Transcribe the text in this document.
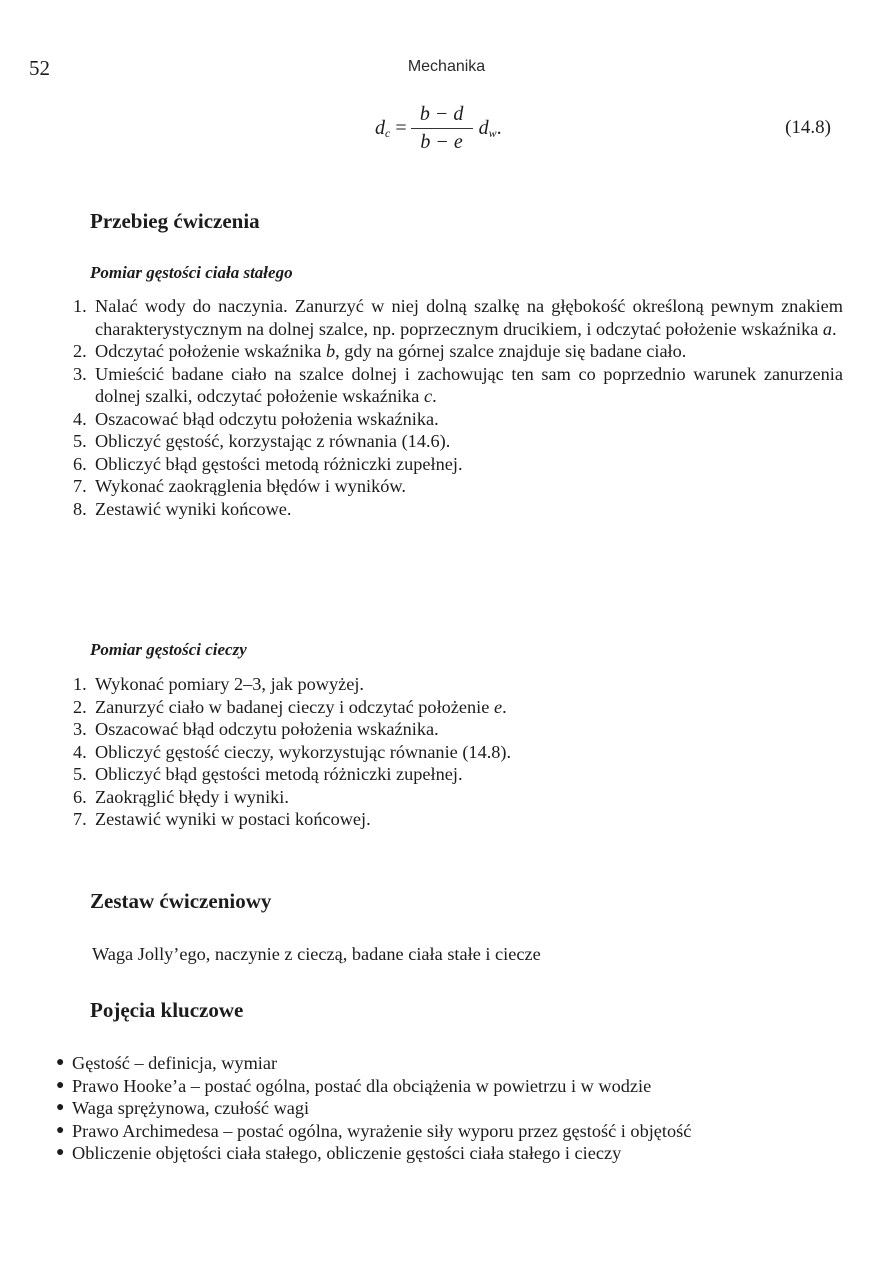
52	Mechanika
d $c = \frac{b - d}{b - e}$ d w .	(14.8)
Przebieg ćwiczenia
Pomiar gęstości ciała stałego
1. Nalać wody do naczynia. Zanurzyć w niej dolną szalkę na głębokość określoną pewnym znakiem charakterystycznym na dolnej szalce, np. poprzecznym drucikiem, i odczytać położenie wskaźnika a.
2. Odczytać położenie wskaźnika b, gdy na górnej szalce znajduje się badane ciało.
3. Umieścić badane ciało na szalce dolnej i zachowując ten sam co poprzednio warunek zanurzenia dolnej szalki, odczytać położenie wskaźnika c.
4. Oszacować błąd odczytu położenia wskaźnika.
5. Obliczyć gęstość, korzystając z równania (14.6).
6. Obliczyć błąd gęstości metodą różniczki zupełnej.
7. Wykonać zaokrąglenia błędów i wyników.
8. Zestawić wyniki końcowe.
Pomiar gęstości cieczy
1. Wykonać pomiary 2–3, jak powyżej.
2. Zanurzyć ciało w badanej cieczy i odczytać położenie e.
3. Oszacować błąd odczytu położenia wskaźnika.
4. Obliczyć gęstość cieczy, wykorzystując równanie (14.8).
5. Obliczyć błąd gęstości metodą różniczki zupełnej.
6. Zaokrąglić błędy i wyniki.
7. Zestawić wyniki w postaci końcowej.
Zestaw ćwiczeniowy

Waga Jolly’ego, naczynie z cieczą, badane ciała stałe i ciecze

Pojęcia kluczowe
● Gęstość – definicja, wymiar
● Prawo Hooke’a – postać ogólna, postać dla obciążenia w powietrzu i w wodzie
● Waga sprężynowa, czułość wagi
● Prawo Archimedesa – postać ogólna, wyrażenie siły wyporu przez gęstość i objętość
● Obliczenie objętości ciała stałego, obliczenie gęstości ciała stałego i cieczy
